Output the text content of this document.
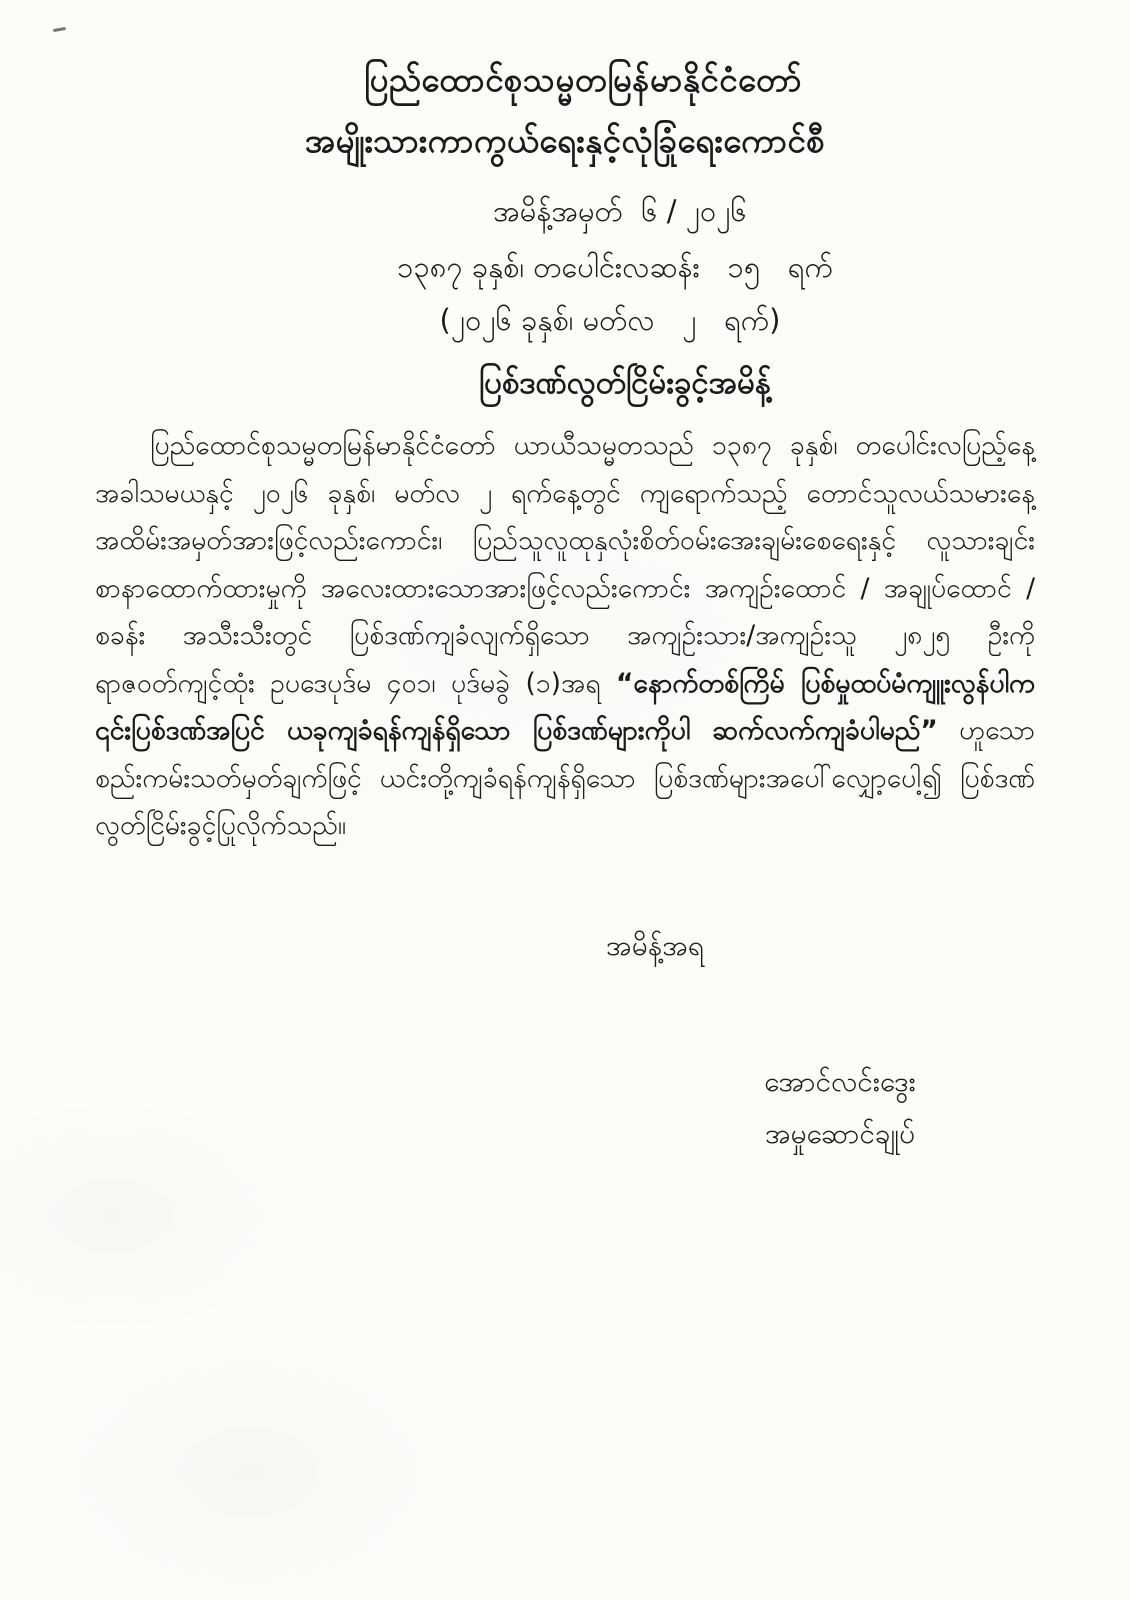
ပြည်ထောင်စုသမ္မတမြန်မာနိုင်ငံတော်
အမျိုးသားကာကွယ်ရေးနှင့်လုံခြုံရေးကောင်စီ
အမိန့်အမှတ်  ၆ / ၂၀၂၆
၁၃၈၇ ခုနှစ်၊ တပေါင်းလဆန်း   ၁၅   ရက်
(၂၀၂၆ ခုနှစ်၊ မတ်လ   ၂   ရက်)
ပြစ်ဒဏ်လွတ်ငြိမ်းခွင့်အမိန့်

ပြည်ထောင်စုသမ္မတမြန်မာနိုင်ငံတော် ယာယီသမ္မတသည် ၁၃၈၇ ခုနှစ်၊ တပေါင်းလပြည့်နေ့ အခါသမယနှင့် ၂၀၂၆ ခုနှစ်၊ မတ်လ ၂ ရက်နေ့တွင် ကျရောက်သည့် တောင်သူလယ်သမားနေ့ အထိမ်းအမှတ်အားဖြင့်လည်းကောင်း၊ ပြည်သူလူထုနှလုံးစိတ်ဝမ်းအေးချမ်းစေရေးနှင့် လူသားချင်းစာနာထောက်ထားမှုကို အလေးထားသောအားဖြင့်လည်းကောင်း အကျဉ်းထောင် / အချုပ်ထောင် / စခန်း အသီးသီးတွင် ပြစ်ဒဏ်ကျခံလျက်ရှိသော အကျဉ်းသား/အကျဉ်းသူ ၂၈၂၅ ဦးကို ရာဇဝတ်ကျင့်ထုံး ဥပဒေပုဒ်မ ၄၀၁၊ ပုဒ်မခွဲ (၁)အရ “နောက်တစ်ကြိမ် ပြစ်မှုထပ်မံကျူးလွန်ပါက ၎င်းပြစ်ဒဏ်အပြင် ယခုကျခံရန်ကျန်ရှိသော ပြစ်ဒဏ်များကိုပါ ဆက်လက်ကျခံပါမည်” ဟူသော စည်းကမ်းသတ်မှတ်ချက်ဖြင့် ယင်းတို့ကျခံရန်ကျန်ရှိသော ပြစ်ဒဏ်များအပေါ်လျှော့ပေါ့၍ ပြစ်ဒဏ်လွတ်ငြိမ်းခွင့်ပြုလိုက်သည်။

အမိန့်အရ
အောင်လင်းဒွေး
အမှုဆောင်ချုပ်
